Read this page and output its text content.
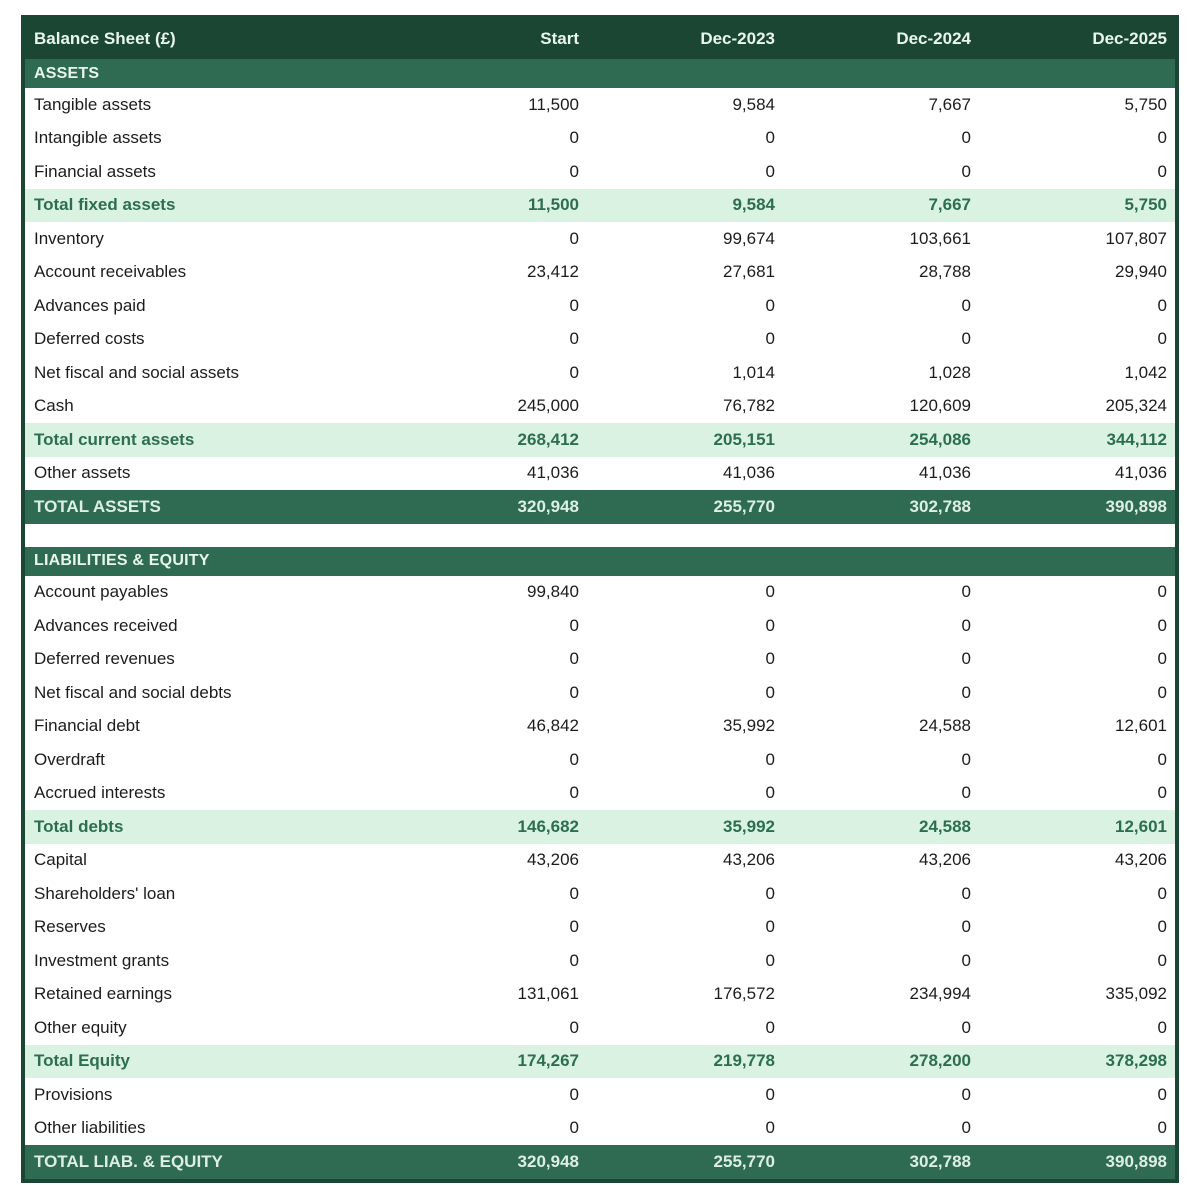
Balance Sheet (£)	Start	Dec-2023	Dec-2024	Dec-2025
ASSETS
Tangible assets	11,500	9,584	7,667	5,750
Intangible assets	0	0	0	0
Financial assets	0	0	0	0
Total fixed assets	11,500	9,584	7,667	5,750
Inventory	0	99,674	103,661	107,807
Account receivables	23,412	27,681	28,788	29,940
Advances paid	0	0	0	0
Deferred costs	0	0	0	0
Net fiscal and social assets	0	1,014	1,028	1,042
Cash	245,000	76,782	120,609	205,324
Total current assets	268,412	205,151	254,086	344,112
Other assets	41,036	41,036	41,036	41,036
TOTAL ASSETS	320,948	255,770	302,788	390,898
LIABILITIES & EQUITY
Account payables	99,840	0	0	0
Advances received	0	0	0	0
Deferred revenues	0	0	0	0
Net fiscal and social debts	0	0	0	0
Financial debt	46,842	35,992	24,588	12,601
Overdraft	0	0	0	0
Accrued interests	0	0	0	0
Total debts	146,682	35,992	24,588	12,601
Capital	43,206	43,206	43,206	43,206
Shareholders' loan	0	0	0	0
Reserves	0	0	0	0
Investment grants	0	0	0	0
Retained earnings	131,061	176,572	234,994	335,092
Other equity	0	0	0	0
Total Equity	174,267	219,778	278,200	378,298
Provisions	0	0	0	0
Other liabilities	0	0	0	0
TOTAL LIAB. & EQUITY	320,948	255,770	302,788	390,898
